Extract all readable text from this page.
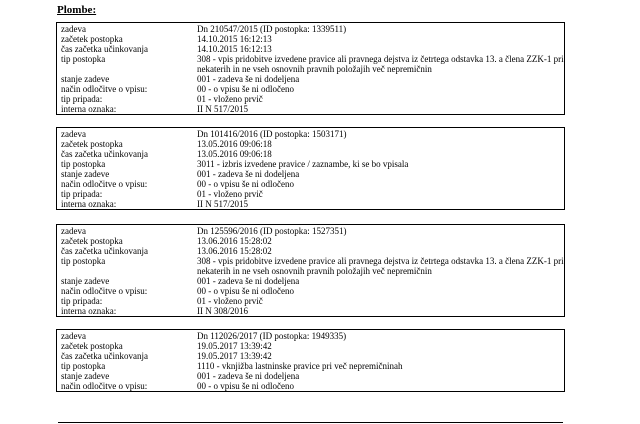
Plombe:
zadeva	Dn 210547/2015 (ID postopka: 1339511)
začetek postopka	14.10.2015 16:12:13
čas začetka učinkovanja	14.10.2015 16:12:13
tip postopka	308 - vpis pridobitve izvedene pravice ali pravnega dejstva iz četrtega odstavka 13. a člena ZZK-1 pri nekaterih in ne vseh osnovnih pravnih položajih več nepremičnin
stanje zadeve	001 - zadeva še ni dodeljena
način odločitve o vpisu:	00 - o vpisu še ni odločeno
tip pripada:	01 - vloženo prvič
interna oznaka:	II N 517/2015
zadeva	Dn 101416/2016 (ID postopka: 1503171)
začetek postopka	13.05.2016 09:06:18
čas začetka učinkovanja	13.05.2016 09:06:18
tip postopka	3011 - izbris izvedene pravice / zaznambe, ki se bo vpisala
stanje zadeve	001 - zadeva še ni dodeljena
način odločitve o vpisu:	00 - o vpisu še ni odločeno
tip pripada:	01 - vloženo prvič
interna oznaka:	II N 517/2015
zadeva	Dn 125596/2016 (ID postopka: 1527351)
začetek postopka	13.06.2016 15:28:02
čas začetka učinkovanja	13.06.2016 15:28:02
tip postopka	308 - vpis pridobitve izvedene pravice ali pravnega dejstva iz četrtega odstavka 13. a člena ZZK-1 pri nekaterih in ne vseh osnovnih pravnih položajih več nepremičnin
stanje zadeve	001 - zadeva še ni dodeljena
način odločitve o vpisu:	00 - o vpisu še ni odločeno
tip pripada:	01 - vloženo prvič
interna oznaka:	II N 308/2016
zadeva	Dn 112026/2017 (ID postopka: 1949335)
začetek postopka	19.05.2017 13:39:42
čas začetka učinkovanja	19.05.2017 13:39:42
tip postopka	1110 - vknjižba lastninske pravice pri več nepremičninah
stanje zadeve	001 - zadeva še ni dodeljena
način odločitve o vpisu:	00 - o vpisu še ni odločeno
